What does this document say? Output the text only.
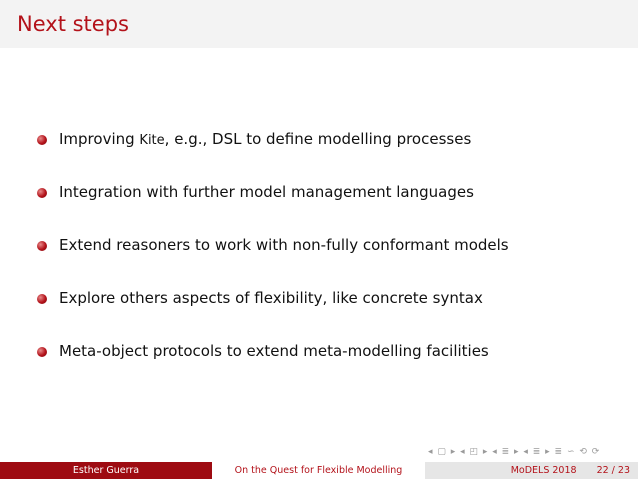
Next steps
Improving Kite, e.g., DSL to define modelling processes
Integration with further model management languages
Extend reasoners to work with non-fully conformant models
Explore others aspects of flexibility, like concrete syntax
Meta-object protocols to extend meta-modelling facilities
◂ ▢ ▸ ◂ ◰ ▸ ◂ ≣ ▸ ◂ ≣ ▸ ≣ ∽ ⟲ ⟳
Esther Guerra	On the Quest for Flexible Modelling	MoDELS 2018 22 / 23
